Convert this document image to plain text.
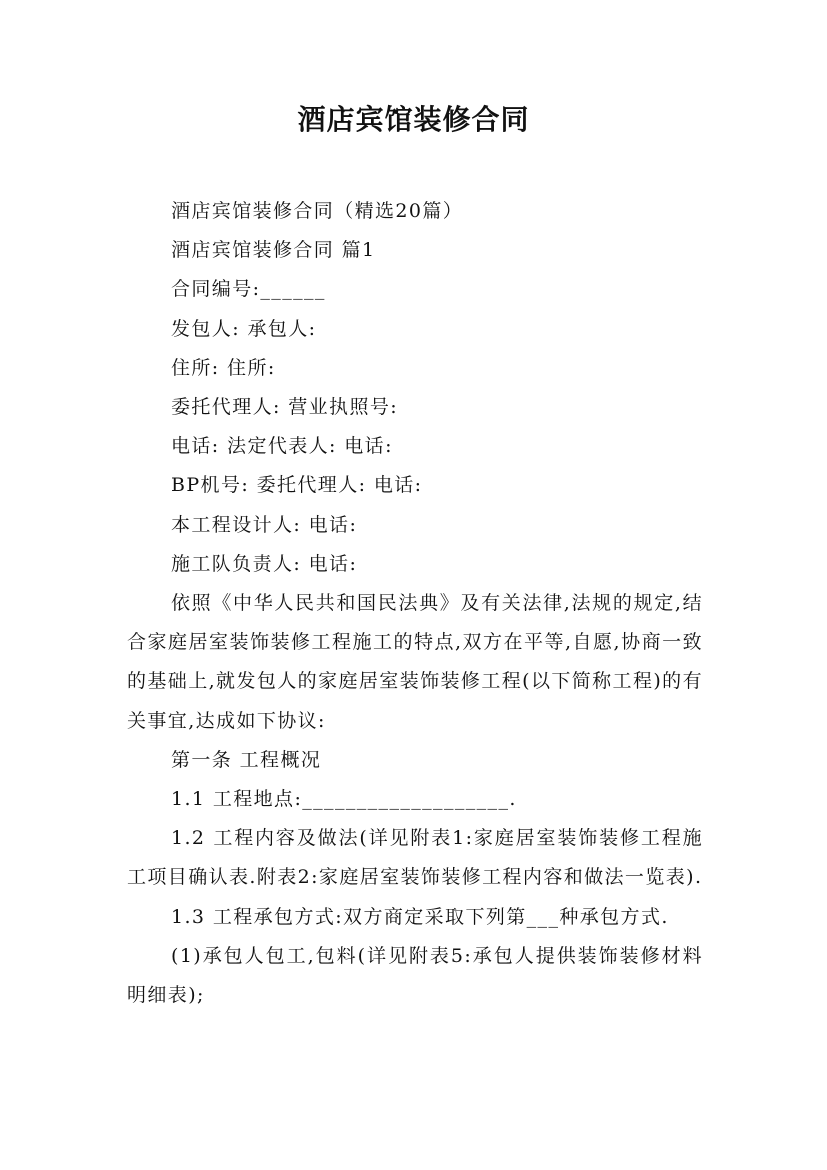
酒店宾馆装修合同

酒店宾馆装修合同（精选20篇）

酒店宾馆装修合同 篇1

合同编号:______

发包人: 承包人:

住所: 住所:

委托代理人: 营业执照号:

电话: 法定代表人: 电话:

BP机号: 委托代理人: 电话:

本工程设计人: 电话:

施工队负责人: 电话:

依照《中华人民共和国民法典》及有关法律,法规的规定,结合家庭居室装饰装修工程施工的特点,双方在平等,自愿,协商一致的基础上,就发包人的家庭居室装饰装修工程(以下简称工程)的有关事宜,达成如下协议:

第一条 工程概况

1.1 工程地点:___________________.

1.2 工程内容及做法(详见附表1:家庭居室装饰装修工程施工项目确认表.附表2:家庭居室装饰装修工程内容和做法一览表).

1.3 工程承包方式:双方商定采取下列第___种承包方式.

(1)承包人包工,包料(详见附表5:承包人提供装饰装修材料明细表);
